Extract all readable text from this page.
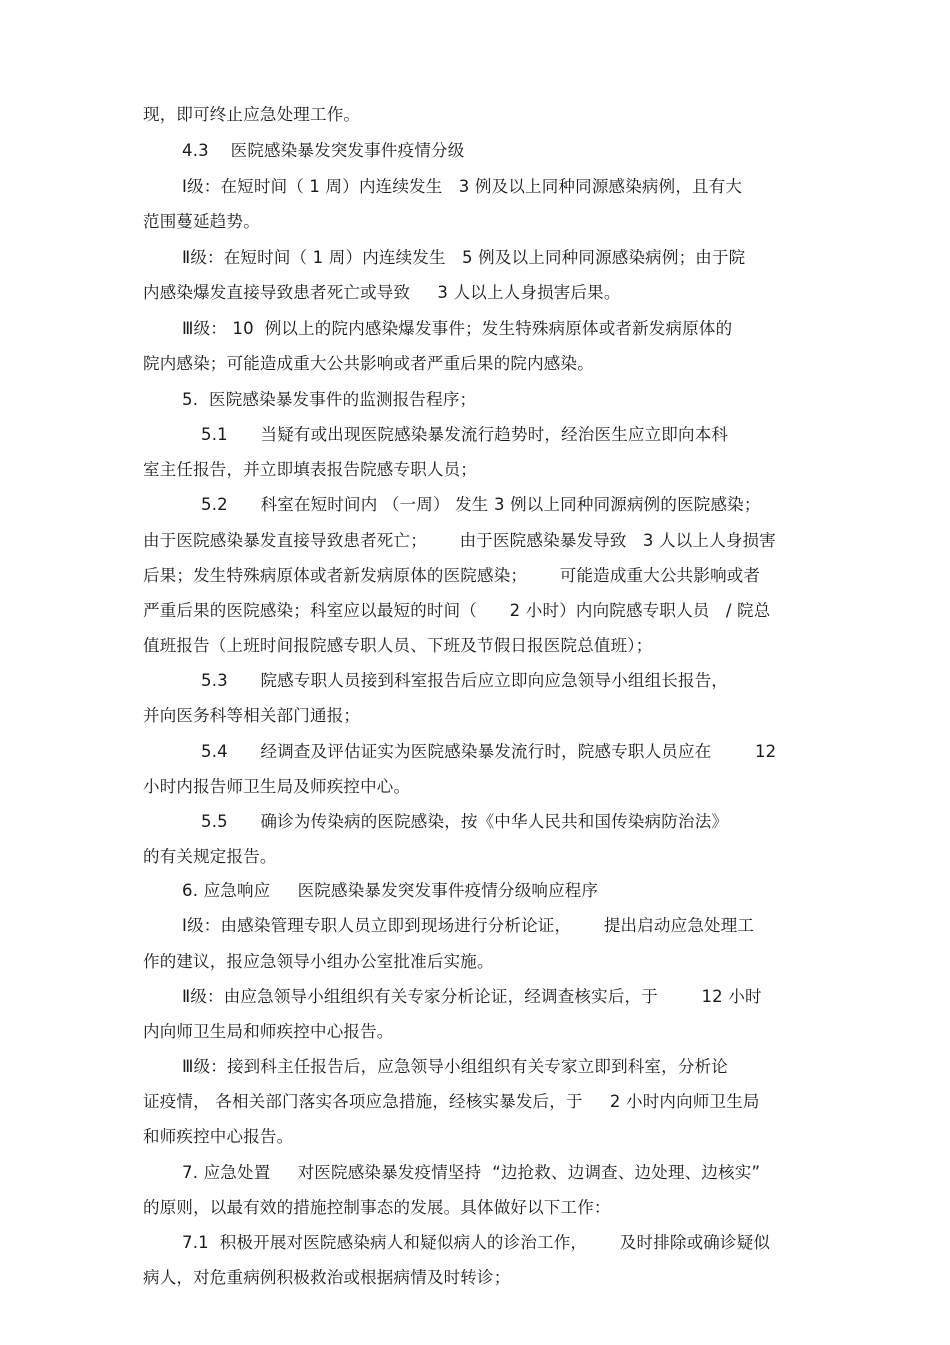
现，即可终止应急处理工作。
4.3    医院感染暴发突发事件疫情分级
Ⅰ级：在短时间（ 1 周）内连续发生   3 例及以上同种同源感染病例，且有大
范围蔓延趋势。
Ⅱ级：在短时间（ 1 周）内连续发生   5 例及以上同种同源感染病例；由于院
内感染爆发直接导致患者死亡或导致     3 人以上人身损害后果。
Ⅲ级： 10  例以上的院内感染爆发事件；发生特殊病原体或者新发病原体的
院内感染；可能造成重大公共影响或者严重后果的院内感染。
5.  医院感染暴发事件的监测报告程序；
5.1      当疑有或出现医院感染暴发流行趋势时，经治医生应立即向本科
室主任报告，并立即填表报告院感专职人员；
5.2      科室在短时间内 （一周） 发生 3 例以上同种同源病例的医院感染；
由于医院感染暴发直接导致患者死亡；      由于医院感染暴发导致   3 人以上人身损害
后果；发生特殊病原体或者新发病原体的医院感染；      可能造成重大公共影响或者
严重后果的医院感染；科室应以最短的时间（      2 小时）内向院感专职人员   / 院总
值班报告（上班时间报院感专职人员、下班及节假日报医院总值班）；
5.3      院感专职人员接到科室报告后应立即向应急领导小组组长报告，
并向医务科等相关部门通报；
5.4      经调查及评估证实为医院感染暴发流行时，院感专职人员应在        12
小时内报告师卫生局及师疾控中心。
5.5      确诊为传染病的医院感染，按《中华人民共和国传染病防治法》
的有关规定报告。
6. 应急响应     医院感染暴发突发事件疫情分级响应程序
Ⅰ级：由感染管理专职人员立即到现场进行分析论证，      提出启动应急处理工
作的建议，报应急领导小组办公室批准后实施。
Ⅱ级：由应急领导小组组织有关专家分析论证，经调查核实后，于        12 小时
内向师卫生局和师疾控中心报告。
Ⅲ级：接到科主任报告后，应急领导小组组织有关专家立即到科室，分析论
证疫情， 各相关部门落实各项应急措施，经核实暴发后，于     2 小时内向师卫生局
和师疾控中心报告。
7. 应急处置     对医院感染暴发疫情坚持  “边抢救、边调查、边处理、边核实”
的原则，以最有效的措施控制事态的发展。具体做好以下工作：
7.1  积极开展对医院感染病人和疑似病人的诊治工作，      及时排除或确诊疑似
病人，对危重病例积极救治或根据病情及时转诊；
